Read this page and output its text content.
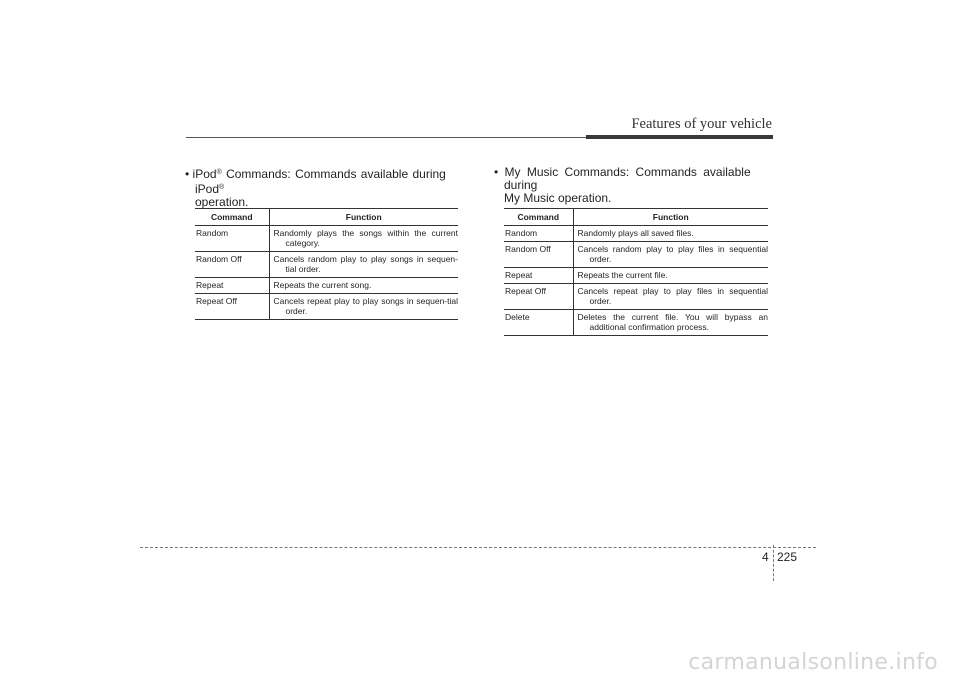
Features of your vehicle

• iPod® Commands: Commands available during iPod®
operation.

Command	Function
Random	Randomly plays the songs within the current category.

Random Off	Cancels random play to play songs in sequen-tial order.

Repeat	Repeats the current song.

Repeat Off	Cancels repeat play to play songs in sequen-tial order.

• My Music Commands: Commands available during
My Music operation.

Command	Function
Random	Randomly plays all saved files.

Random Off	Cancels random play to play files in sequential order.

Repeat	Repeats the current file.

Repeat Off	Cancels repeat play to play files in sequential order.

Delete	Deletes the current file. You will bypass an additional confirmation process.
4 225
carmanualsonline.info
